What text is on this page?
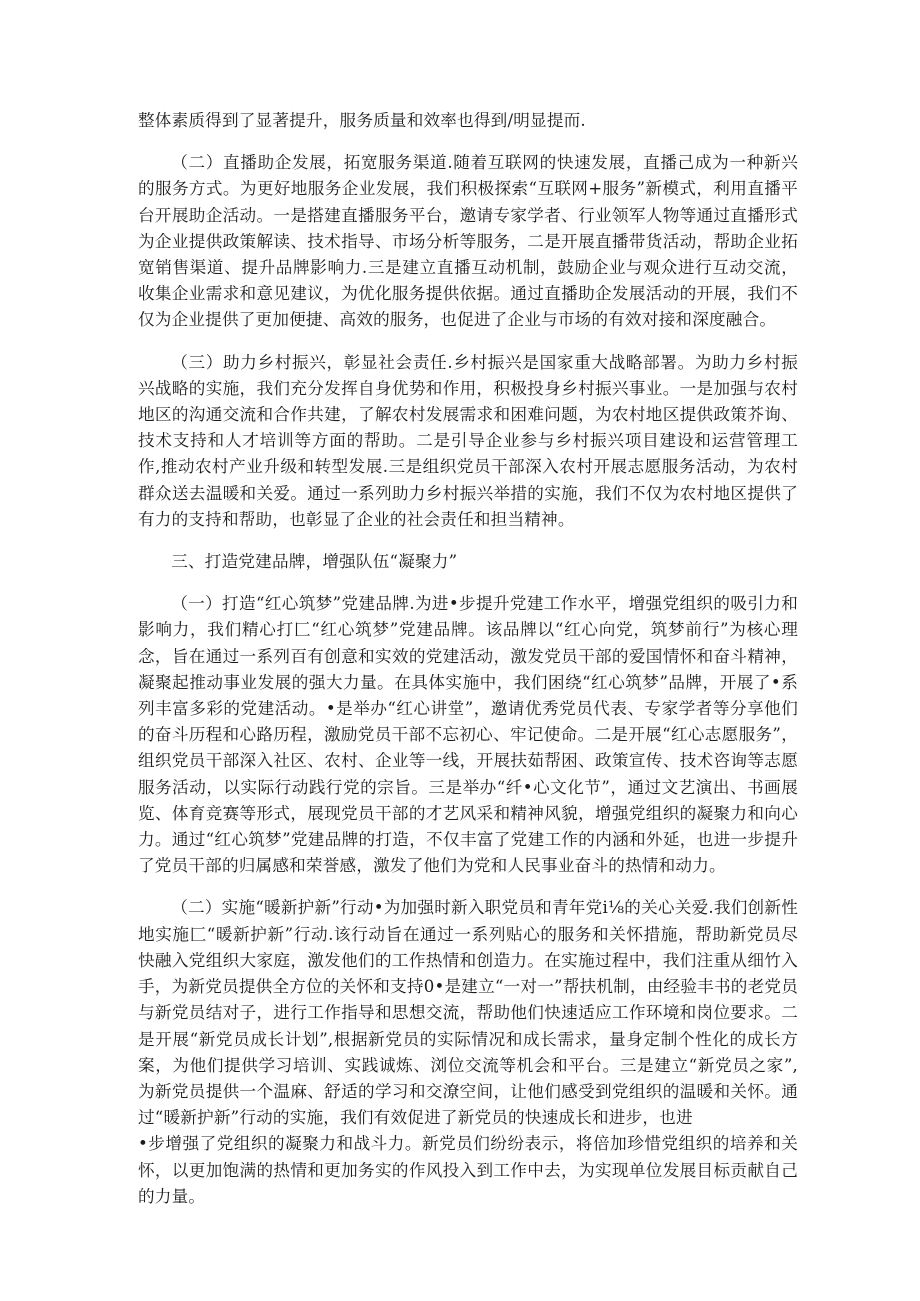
整体素质得到了显著提升，服务质量和效率也得到/明显提而.

（二）直播助企发展，拓宽服务渠道.随着互联网的快速发展，直播己成为一种新兴的服务方式。为更好地服务企业发展，我们积极探索“互联网+服务”新模式，利用直播平台开展助企活动。一是搭建直播服务平台，邀请专家学者、行业领军人物等通过直播形式为企业提供政策解读、技术指导、市场分析等服务，二是开展直播带货活动，帮助企业拓宽销售渠道、提升品牌影响力.三是建立直播互动机制，鼓励企业与观众进行互动交流，收集企业需求和意见建议，为优化服务提供依据。通过直播助企发展活动的开展，我们不仅为企业提供了更加便捷、高效的服务，也促进了企业与市场的有效对接和深度融合。

（三）助力乡村振兴，彰显社会责任.乡村振兴是国家重大战略部署。为助力乡村振兴战略的实施，我们充分发挥自身优势和作用，积极投身乡村振兴事业。一是加强与农村地区的沟通交流和合作共建，了解农村发展需求和困难问题，为农村地区提供政策芥询、技术支持和人才培训等方面的帮助。二是引导企业参与乡村振兴项目建设和运营管理工作,推动农村产业升级和转型发展.三是组织党员干部深入农村开展志愿服务活动，为农村群众送去温暖和关爱。通过一系列助力乡村振兴举措的实施，我们不仅为农村地区提供了有力的支持和帮助，也彰显了企业的社会责任和担当精神。

三、打造党建品牌，增强队伍“凝聚力”

（一）打造“红心筑梦”党建品牌.为进•步提升党建工作水平，增强党组织的吸引力和影响力，我们精心打匚“红心筑梦”党建品牌。该品牌以“红心向党，筑梦前行”为核心理念，旨在通过一系列百有创意和实效的党建活动，激发党员干部的爱国情怀和奋斗精神，凝聚起推动事业发展的强大力量。在具体实施中，我们困绕“红心筑梦”品牌，开展了•系列丰富多彩的党建活动。•是举办“红心讲堂”，邀请优秀党员代表、专家学者等分享他们的奋斗历程和心路历程，激励党员干部不忘初心、牢记使命。二是开展“红心志愿服务”，组织党员干部深入社区、农村、企业等一线，开展扶茹帮困、政策宣传、技术咨询等志愿服务活动，以实际行动践行党的宗旨。三是举办“纤•心文化节”，通过文艺演出、书画展览、体育竞赛等形式，展现党员干部的才艺风采和精神风貌，增强党组织的凝聚力和向心力。通过“红心筑梦”党建品牌的打造，不仅丰富了党建工作的内涵和外延，也进一步提升了党员干部的归属感和荣誉感，激发了他们为党和人民事业奋斗的热情和动力。

（二）实施“暖新护新”行动•为加强时新入职党员和青年党i⅛的关心关爱.我们创新性地实施匚“暖新护新”行动.该行动旨在通过一系列贴心的服务和关怀措施，帮助新党员尽快融入党组织大家庭，激发他们的工作热情和创造力。在实施过程中，我们注重从细竹入手，为新党员提供全方位的关怀和支持0•是建立“一对一”帮扶机制，由经验丰书的老党员与新党员结对子，进行工作指导和思想交流，帮助他们快速适应工作环境和岗位要求。二是开展“新党员成长计划”,根据新党员的实际情况和成长需求，量身定制个性化的成长方案，为他们提供学习培训、实践诚炼、浏位交流等机会和平台。三是建立“新党员之家”,为新党员提供一个温麻、舒适的学习和交潦空间，让他们感受到党组织的温暖和关怀。通过“暖新护新”行动的实施，我们有效促进了新党员的快速成长和进步，也进

•步增强了党组织的凝聚力和战斗力。新党员们纷纷表示，将倍加珍惜党组织的培养和关怀，以更加饱满的热情和更加务实的作风投入到工作中去，为实现单位发展目标贡献自己的力量。
